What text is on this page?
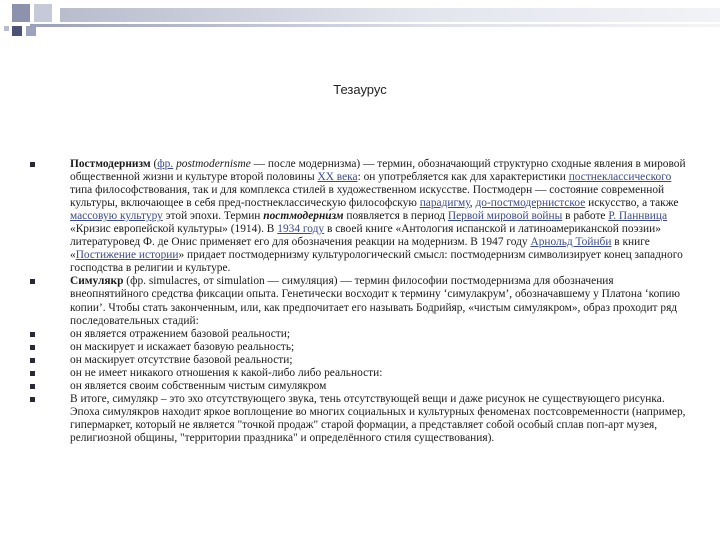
Тезаурус
Постмодернизм (фр. postmodernisme — после модернизма) — термин, обозначающий структурно сходные явления в мировой общественной жизни и культуре второй половины XX века: он употребляется как для характеристики постнеклассического типа философствования, так и для комплекса стилей в художественном искусстве. Постмодерн — состояние современной культуры, включающее в себя пред-постнеклассическую философскую парадигму, до-постмодернистское искусство, а также массовую культуру этой эпохи. Термин постмодерни́зм появляется в период Первой мировой войны в работе Р. Паннвица «Кризис европейской культуры» (1914). В 1934 году в своей книге «Антология испанской и латиноамериканской поэзии» литературовед Ф. де Онис применяет его для обозначения реакции на модернизм. В 1947 году Арнольд Тойнби в книге «Постижение истории» придает постмодернизму культурологический смысл: постмодернизм символизирует конец западного господства в религии и культуре.
Симулякр (фр. simulacres, от simulation — симуляция) — термин философии постмодернизма для обозначения внеопнятийного средства фиксации опыта. Генетически восходит к термину ‘симулакрум’, обозначавшему у Платона ‘копию копии’. Чтобы стать законченным, или, как предпочитает его называть Бодрийяр, «чистым симулякром», образ проходит ряд последовательных стадий:
он является отражением базовой реальности;
он маскирует и искажает базовую реальность;
он маскирует отсутствие базовой реальности;
он не имеет никакого отношения к какой-либо либо реальности:
он является своим собственным чистым симулякром
В итоге, симулякр – это эхо отсутствующего звука, тень отсутствующей вещи и даже рисунок не существующего рисунка. Эпоха симулякров находит яркое воплощение во многих социальных и культурных феноменах постсовременности (например, гипермаркет, который не является "точкой продаж" старой формации, а представляет собой особый сплав поп-арт музея, религиозной общины, "территории праздника" и определённого стиля существования).
